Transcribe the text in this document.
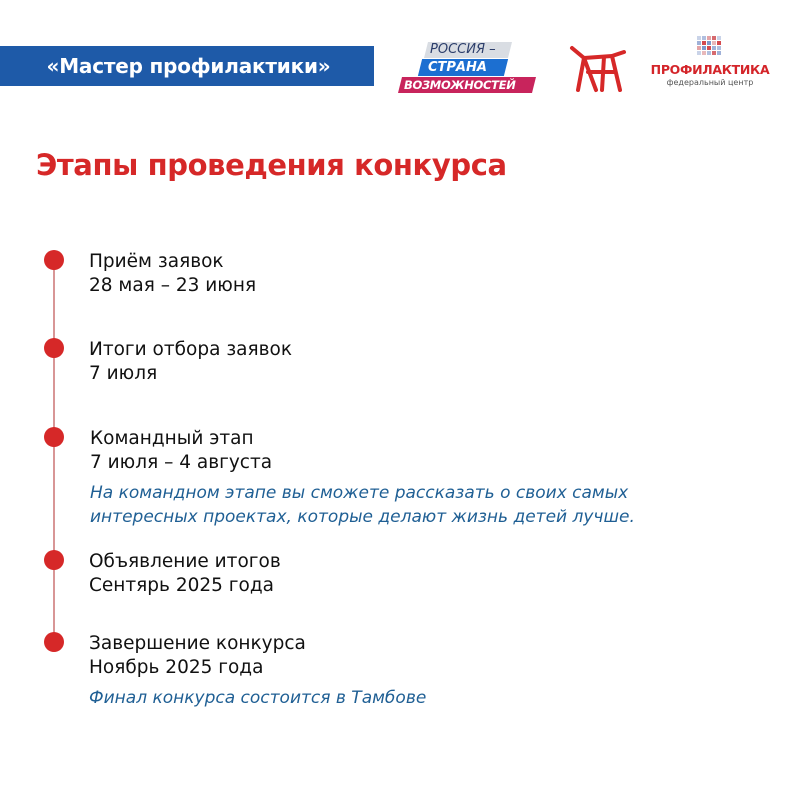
«Мастер профилактики»
РОССИЯ –
СТРАНА
ВОЗМОЖНОСТЕЙ
ПРОФИЛАКТИКА
федеральный центр
Этапы проведения конкурса
Приём заявок
28 мая – 23 июня
Итоги отбора заявок
7 июля
Командный этап
7 июля – 4 августа
На командном этапе вы сможете рассказать о своих самых
интересных проектах, которые делают жизнь детей лучше.
Объявление итогов
Сентярь 2025 года
Завершение конкурса
Ноябрь 2025 года
Финал конкурса состоится в Тамбове
